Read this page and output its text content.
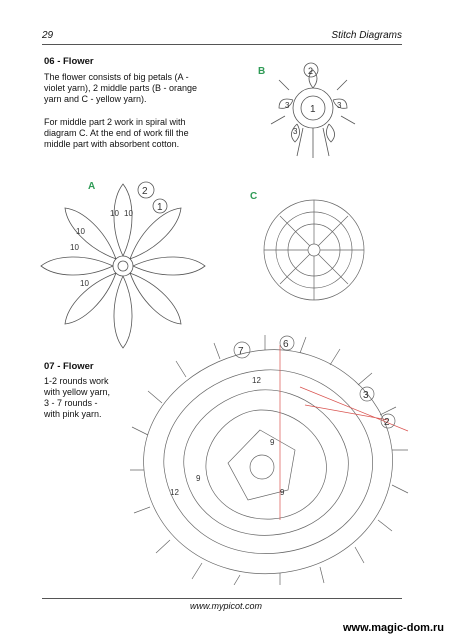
29	Stitch Diagrams
06 - Flower
The flower consists of big petals (A -
violet yarn), 2 middle parts (B - orange
yarn and C - yellow yarn).
For middle part 2 work in spiral with
diagram C. At the end of work fill the
middle part with absorbent cotton.
B
A
C
2
1
3	3
3
2
1
10 10
10
10
10
07 - Flower
1-2 rounds work
with yellow yarn,
3 - 7 rounds -
with pink yarn.
7
6
3
2
12
12
9
9
9
www.mypicot.com
www.magic-dom.ru
